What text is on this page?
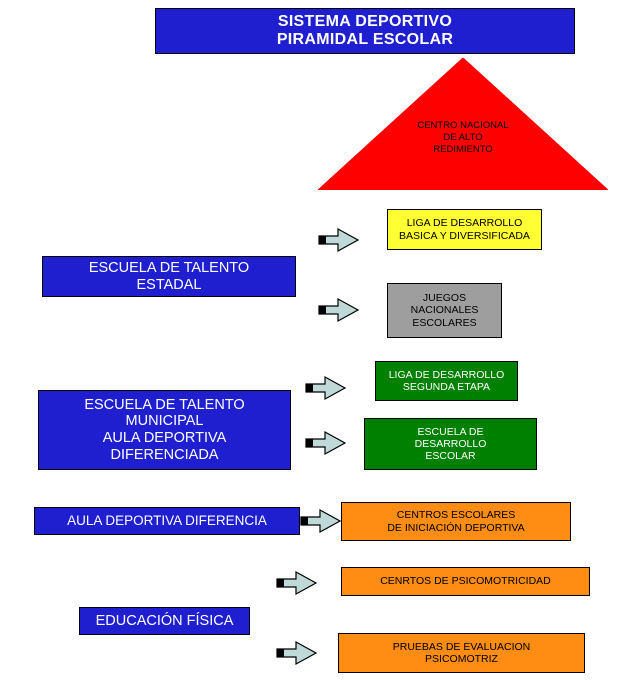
SISTEMA DEPORTIVO
PIRAMIDAL ESCOLAR
CENTRO NACIONAL
DE ALTO
REDIMIENTO
LIGA DE DESARROLLO
BASICA Y DIVERSIFICADA
ESCUELA DE TALENTO
ESTADAL
JUEGOS
NACIONALES
ESCOLARES
LIGA DE DESARROLLO
SEGUNDA ETAPA
ESCUELA DE TALENTO
MUNICIPAL
AULA DEPORTIVA
DIFERENCIADA
ESCUELA DE
DESARROLLO
ESCOLAR
AULA DEPORTIVA DIFERENCIA	CENTROS ESCOLARES
DE INICIACIÓN DEPORTIVA
CENRTOS DE PSICOMOTRICIDAD
EDUCACIÓN FÍSICA
PRUEBAS DE EVALUACION
PSICOMOTRIZ
